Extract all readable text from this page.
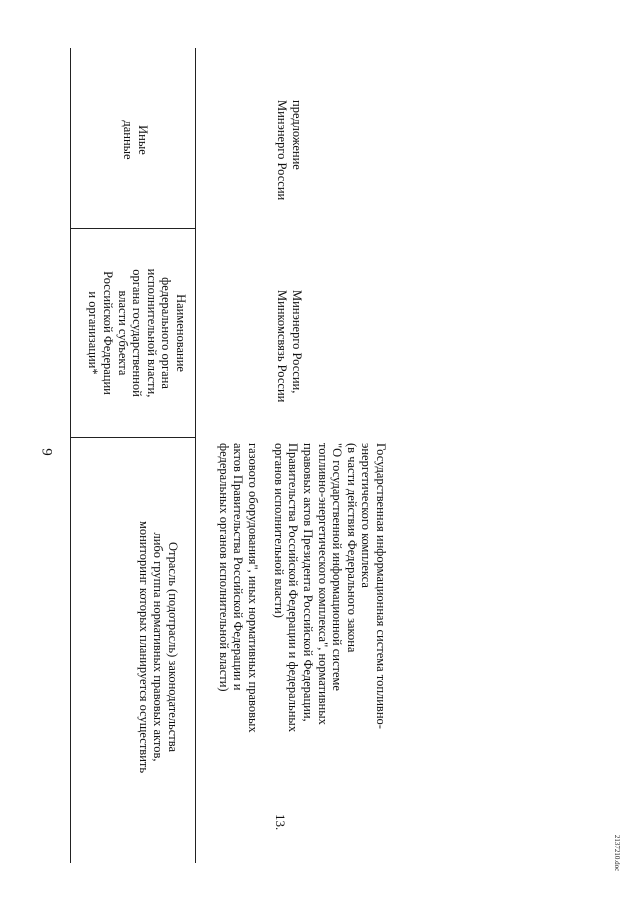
9
Отрасль (подотрасль) законодательства
либо группа нормативных правовых актов,
мониторинг которых планируется осуществить
Наименование
федерального органа
исполнительной власти,
органа государственной
власти субъекта
Российской Федерации
и организации*
Иные
данные
газового оборудования", иных нормативных правовых
актов Правительства Российской Федерации и
федеральных органов исполнительной власти)
13.
Государственная информационная система топливно-
энергетического комплекса
(в части действия Федерального закона
"О государственной информационной системе
топливно-энергетического комплекса", нормативных
правовых актов Президента Российской Федерации,
Правительства Российской Федерации и федеральных
органов исполнительной власти)
Минэнерго России,
Минкомсвязь России
предложение
Минэнерго России
2137210.doc
